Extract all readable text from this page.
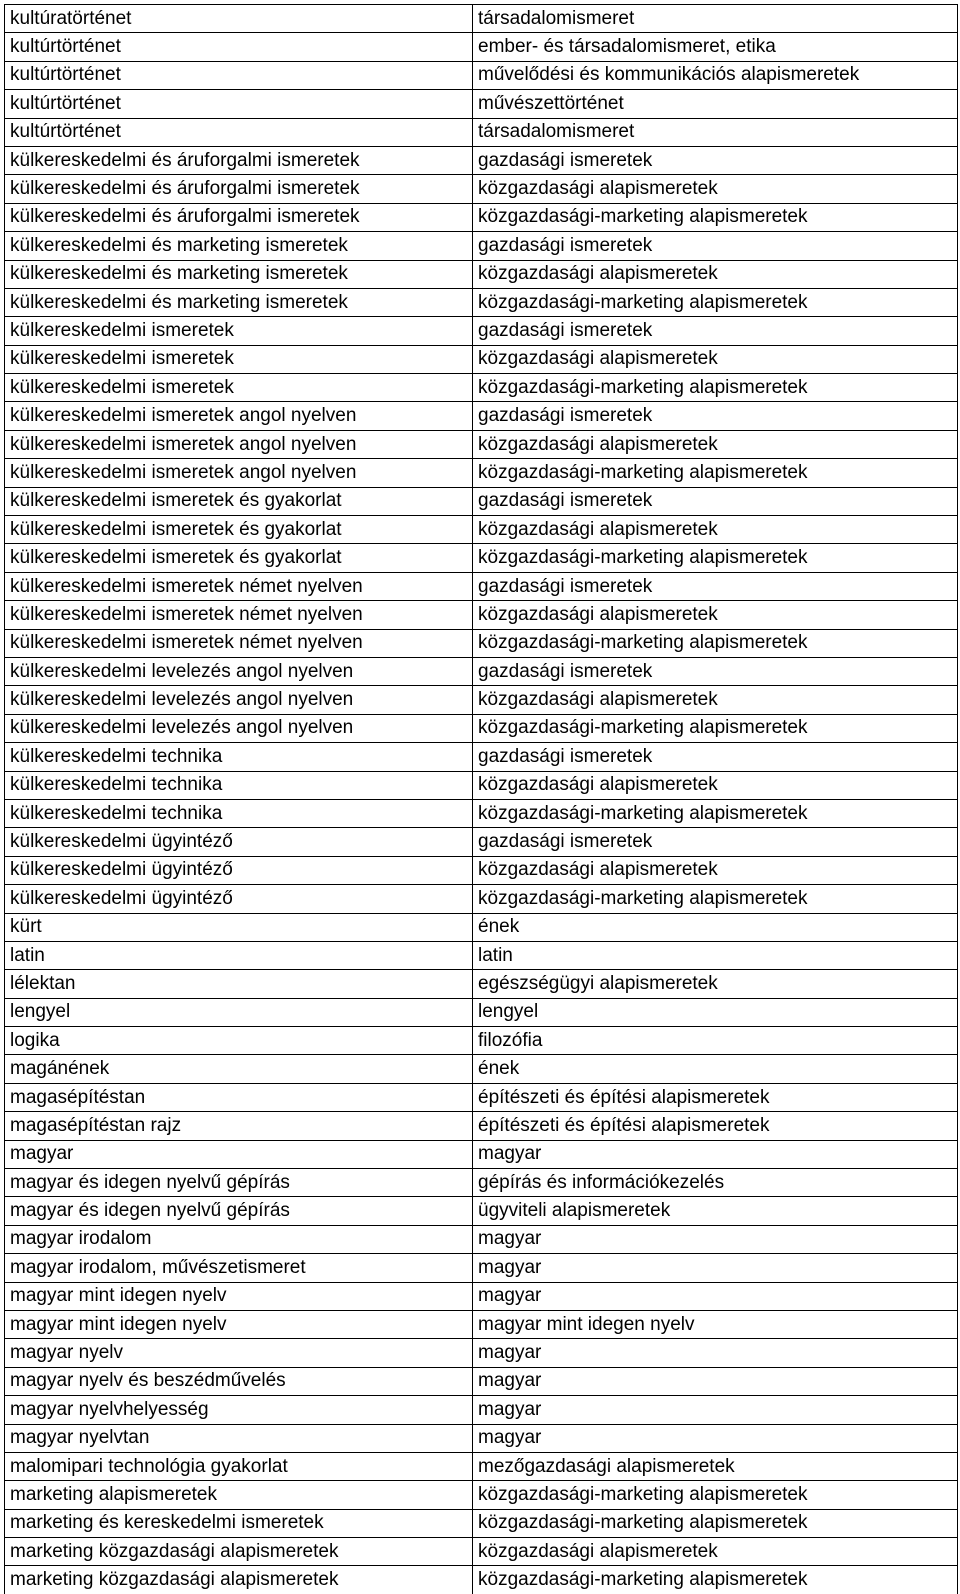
kultúratörténet	társadalomismeret
kultúrtörténet	ember- és társadalomismeret, etika
kultúrtörténet	művelődési és kommunikációs alapismeretek
kultúrtörténet	művészettörténet
kultúrtörténet	társadalomismeret
külkereskedelmi és áruforgalmi ismeretek	gazdasági ismeretek
külkereskedelmi és áruforgalmi ismeretek	közgazdasági alapismeretek
külkereskedelmi és áruforgalmi ismeretek	közgazdasági-marketing alapismeretek
külkereskedelmi és marketing ismeretek	gazdasági ismeretek
külkereskedelmi és marketing ismeretek	közgazdasági alapismeretek
külkereskedelmi és marketing ismeretek	közgazdasági-marketing alapismeretek
külkereskedelmi ismeretek	gazdasági ismeretek
külkereskedelmi ismeretek	közgazdasági alapismeretek
külkereskedelmi ismeretek	közgazdasági-marketing alapismeretek
külkereskedelmi ismeretek angol nyelven	gazdasági ismeretek
külkereskedelmi ismeretek angol nyelven	közgazdasági alapismeretek
külkereskedelmi ismeretek angol nyelven	közgazdasági-marketing alapismeretek
külkereskedelmi ismeretek és gyakorlat	gazdasági ismeretek
külkereskedelmi ismeretek és gyakorlat	közgazdasági alapismeretek
külkereskedelmi ismeretek és gyakorlat	közgazdasági-marketing alapismeretek
külkereskedelmi ismeretek német nyelven	gazdasági ismeretek
külkereskedelmi ismeretek német nyelven	közgazdasági alapismeretek
külkereskedelmi ismeretek német nyelven	közgazdasági-marketing alapismeretek
külkereskedelmi levelezés angol nyelven	gazdasági ismeretek
külkereskedelmi levelezés angol nyelven	közgazdasági alapismeretek
külkereskedelmi levelezés angol nyelven	közgazdasági-marketing alapismeretek
külkereskedelmi technika	gazdasági ismeretek
külkereskedelmi technika	közgazdasági alapismeretek
külkereskedelmi technika	közgazdasági-marketing alapismeretek
külkereskedelmi ügyintéző	gazdasági ismeretek
külkereskedelmi ügyintéző	közgazdasági alapismeretek
külkereskedelmi ügyintéző	közgazdasági-marketing alapismeretek
kürt	ének
latin	latin
lélektan	egészségügyi alapismeretek
lengyel	lengyel
logika	filozófia
magánének	ének
magasépítéstan	építészeti és építési alapismeretek
magasépítéstan rajz	építészeti és építési alapismeretek
magyar	magyar
magyar és idegen nyelvű gépírás	gépírás és információkezelés
magyar és idegen nyelvű gépírás	ügyviteli alapismeretek
magyar irodalom	magyar
magyar irodalom, művészetismeret	magyar
magyar mint idegen nyelv	magyar
magyar mint idegen nyelv	magyar mint idegen nyelv
magyar nyelv	magyar
magyar nyelv és beszédművelés	magyar
magyar nyelvhelyesség	magyar
magyar nyelvtan	magyar
malomipari technológia gyakorlat	mezőgazdasági alapismeretek
marketing alapismeretek	közgazdasági-marketing alapismeretek
marketing és kereskedelmi ismeretek	közgazdasági-marketing alapismeretek
marketing közgazdasági alapismeretek	közgazdasági alapismeretek
marketing közgazdasági alapismeretek	közgazdasági-marketing alapismeretek
